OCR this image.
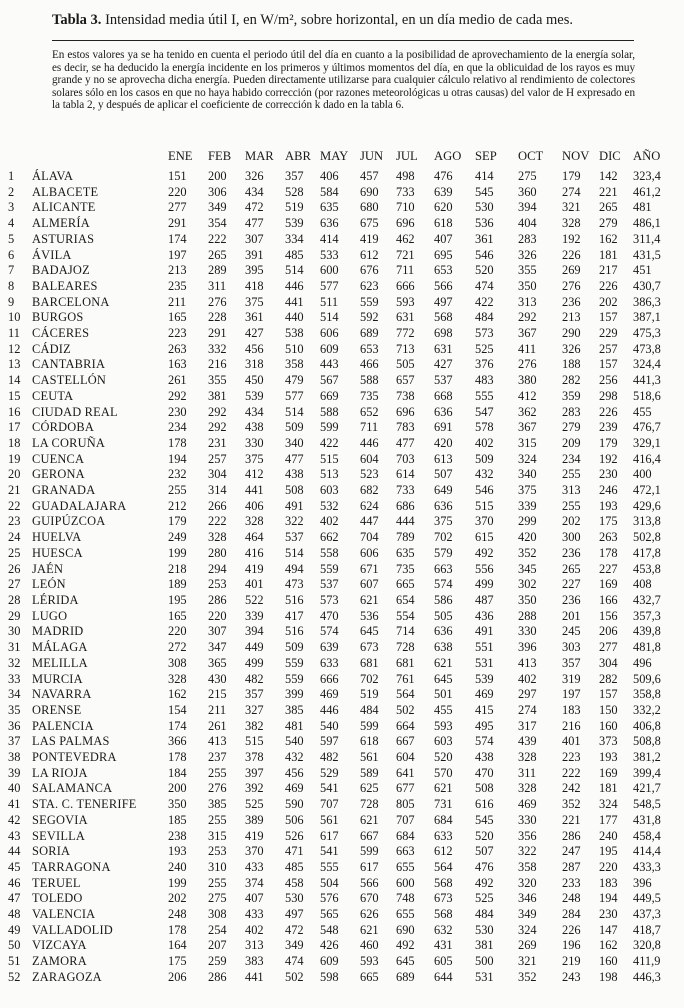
Tabla 3. Intensidad media útil I, en W/m², sobre horizontal, en un día medio de cada mes.
En estos valores ya se ha tenido en cuenta el periodo útil del día en cuanto a la posibilidad de aprovechamiento de la energía solar, es decir, se ha deducido la energía incidente en los primeros y últimos momentos del día, en que la oblicuidad de los rayos es muy grande y no se aprovecha dicha energía. Pueden directamente utilizarse para cualquier cálculo relativo al rendimiento de colectores solares sólo en los casos en que no haya habido corrección (por razones meteorológicas u otras causas) del valor de H expresado en la tabla 2, y después de aplicar el coeficiente de corrección k dado en la tabla 6.
		ENE	FEB	MAR	ABR	MAY	JUN	JUL	AGO	SEP	OCT	NOV	DIC	AÑO
1	ÁLAVA	151	200	326	357	406	457	498	476	414	275	179	142	323,4
2	ALBACETE	220	306	434	528	584	690	733	639	545	360	274	221	461,2
3	ALICANTE	277	349	472	519	635	680	710	620	530	394	321	265	481
4	ALMERÍA	291	354	477	539	636	675	696	618	536	404	328	279	486,1
5	ASTURIAS	174	222	307	334	414	419	462	407	361	283	192	162	311,4
6	ÁVILA	197	265	391	485	533	612	721	695	546	326	226	181	431,5
7	BADAJOZ	213	289	395	514	600	676	711	653	520	355	269	217	451
8	BALEARES	235	311	418	446	577	623	666	566	474	350	276	226	430,7
9	BARCELONA	211	276	375	441	511	559	593	497	422	313	236	202	386,3
10	BURGOS	165	228	361	440	514	592	631	568	484	292	213	157	387,1
11	CÁCERES	223	291	427	538	606	689	772	698	573	367	290	229	475,3
12	CÁDIZ	263	332	456	510	609	653	713	631	525	411	326	257	473,8
13	CANTABRIA	163	216	318	358	443	466	505	427	376	276	188	157	324,4
14	CASTELLÓN	261	355	450	479	567	588	657	537	483	380	282	256	441,3
15	CEUTA	292	381	539	577	669	735	738	668	555	412	359	298	518,6
16	CIUDAD REAL	230	292	434	514	588	652	696	636	547	362	283	226	455
17	CÓRDOBA	234	292	438	509	599	711	783	691	578	367	279	239	476,7
18	LA CORUÑA	178	231	330	340	422	446	477	420	402	315	209	179	329,1
19	CUENCA	194	257	375	477	515	604	703	613	509	324	234	192	416,4
20	GERONA	232	304	412	438	513	523	614	507	432	340	255	230	400
21	GRANADA	255	314	441	508	603	682	733	649	546	375	313	246	472,1
22	GUADALAJARA	212	266	406	491	532	624	686	636	515	339	255	193	429,6
23	GUIPÚZCOA	179	222	328	322	402	447	444	375	370	299	202	175	313,8
24	HUELVA	249	328	464	537	662	704	789	702	615	420	300	263	502,8
25	HUESCA	199	280	416	514	558	606	635	579	492	352	236	178	417,8
26	JAÉN	218	294	419	494	559	671	735	663	556	345	265	227	453,8
27	LEÓN	189	253	401	473	537	607	665	574	499	302	227	169	408
28	LÉRIDA	195	286	522	516	573	621	654	586	487	350	236	166	432,7
29	LUGO	165	220	339	417	470	536	554	505	436	288	201	156	357,3
30	MADRID	220	307	394	516	574	645	714	636	491	330	245	206	439,8
31	MÁLAGA	272	347	449	509	639	673	728	638	551	396	303	277	481,8
32	MELILLA	308	365	499	559	633	681	681	621	531	413	357	304	496
33	MURCIA	328	430	482	559	666	702	761	645	539	402	319	282	509,6
34	NAVARRA	162	215	357	399	469	519	564	501	469	297	197	157	358,8
35	ORENSE	154	211	327	385	446	484	502	455	415	274	183	150	332,2
36	PALENCIA	174	261	382	481	540	599	664	593	495	317	216	160	406,8
37	LAS PALMAS	366	413	515	540	597	618	667	603	574	439	401	373	508,8
38	PONTEVEDRA	178	237	378	432	482	561	604	520	438	328	223	193	381,2
39	LA RIOJA	184	255	397	456	529	589	641	570	470	311	222	169	399,4
40	SALAMANCA	200	276	392	469	541	625	677	621	508	328	242	181	421,7
41	STA. C. TENERIFE	350	385	525	590	707	728	805	731	616	469	352	324	548,5
42	SEGOVIA	185	255	389	506	561	621	707	684	545	330	221	177	431,8
43	SEVILLA	238	315	419	526	617	667	684	633	520	356	286	240	458,4
44	SORIA	193	253	370	471	541	599	663	612	507	322	247	195	414,4
45	TARRAGONA	240	310	433	485	555	617	655	564	476	358	287	220	433,3
46	TERUEL	199	255	374	458	504	566	600	568	492	320	233	183	396
47	TOLEDO	202	275	407	530	576	670	748	673	525	346	248	194	449,5
48	VALENCIA	248	308	433	497	565	626	655	568	484	349	284	230	437,3
49	VALLADOLID	178	254	402	472	548	621	690	632	530	324	226	147	418,7
50	VIZCAYA	164	207	313	349	426	460	492	431	381	269	196	162	320,8
51	ZAMORA	175	259	383	474	609	593	645	605	500	321	219	160	411,9
52	ZARAGOZA	206	286	441	502	598	665	689	644	531	352	243	198	446,3
